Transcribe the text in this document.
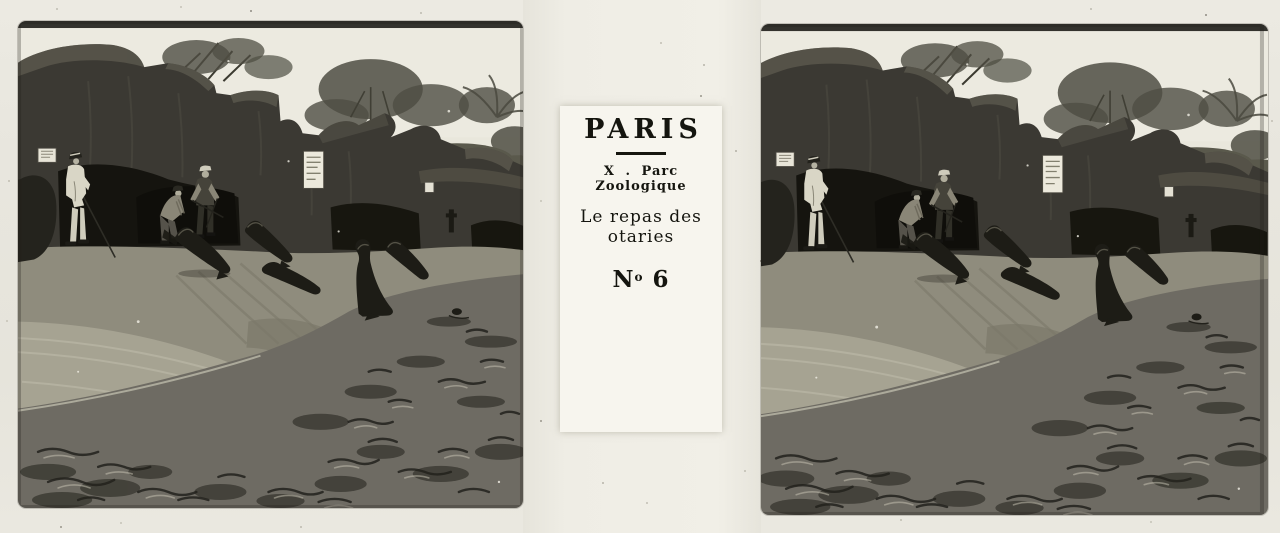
PARIS
X . Parc Zoologique
Le repas des otaries
$N^o$ 6
